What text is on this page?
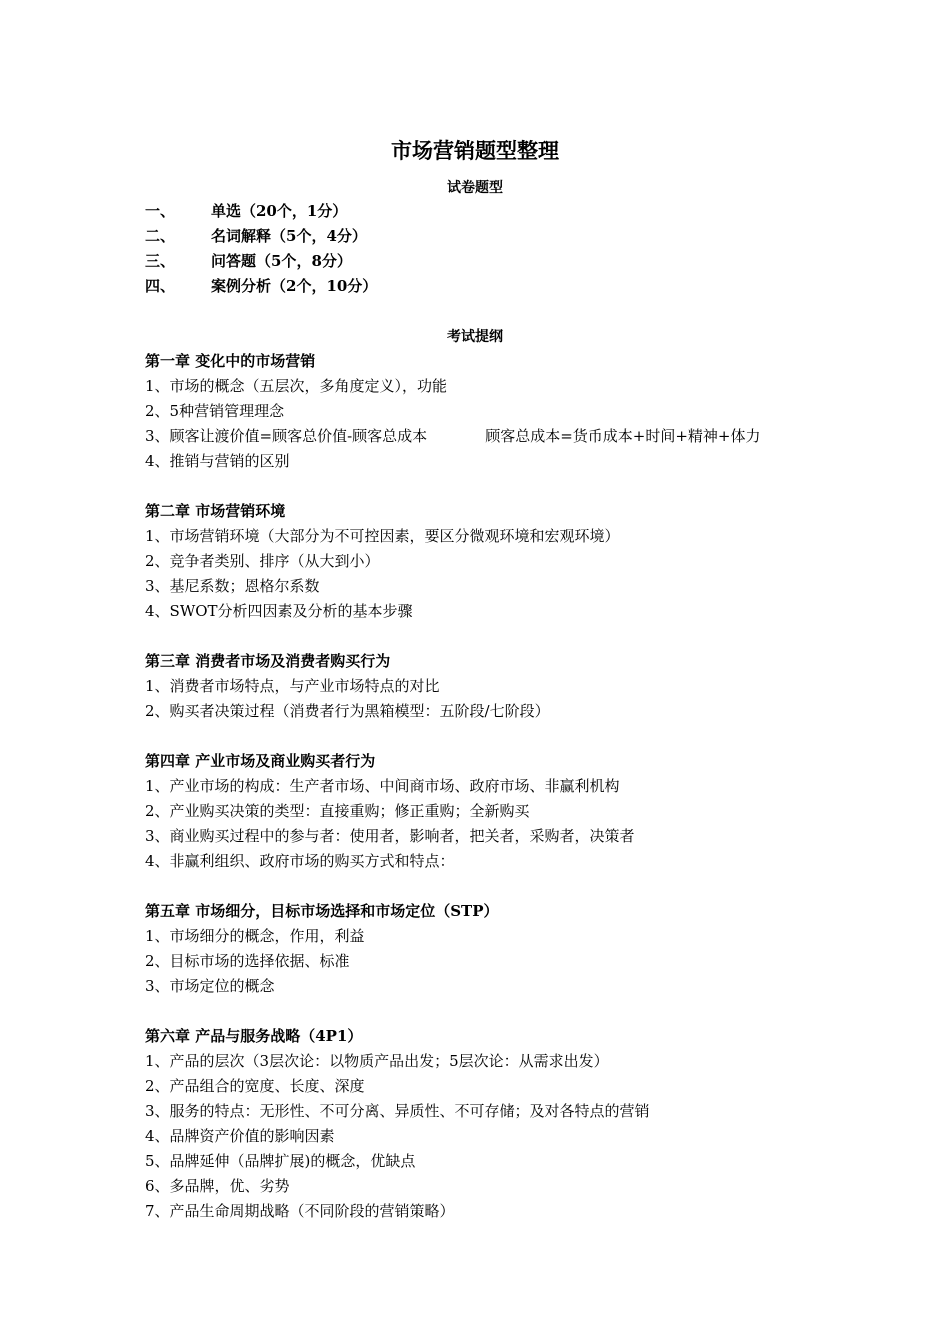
市场营销题型整理
试卷题型
一、 单选（20个，1分）
二、 名词解释（5个，4分）
三、 问答题（5个，8分）
四、 案例分析（2个，10分）
考试提纲
第一章 变化中的市场营销
1、市场的概念（五层次，多角度定义），功能
2、5种营销管理理念
3、顾客让渡价值=顾客总价值-顾客总成本	顾客总成本=货币成本+时间+精神+体力
4、推销与营销的区别
第二章 市场营销环境
1、市场营销环境（大部分为不可控因素，要区分微观环境和宏观环境）
2、竞争者类别、排序（从大到小）
3、基尼系数；恩格尔系数
4、SWOT分析四因素及分析的基本步骤
第三章 消费者市场及消费者购买行为
1、消费者市场特点，与产业市场特点的对比
2、购买者决策过程（消费者行为黑箱模型：五阶段/七阶段）
第四章 产业市场及商业购买者行为
1、产业市场的构成：生产者市场、中间商市场、政府市场、非赢利机构
2、产业购买决策的类型：直接重购；修正重购；全新购买
3、商业购买过程中的参与者：使用者，影响者，把关者，采购者，决策者
4、非赢利组织、政府市场的购买方式和特点：
第五章 市场细分，目标市场选择和市场定位（STP）
1、市场细分的概念，作用，利益
2、目标市场的选择依据、标准
3、市场定位的概念
第六章 产品与服务战略（4P1）
1、产品的层次（3层次论：以物质产品出发；5层次论：从需求出发）
2、产品组合的宽度、长度、深度
3、服务的特点：无形性、不可分离、异质性、不可存储；及对各特点的营销
4、品牌资产价值的影响因素
5、品牌延伸（品牌扩展)的概念，优缺点
6、多品牌，优、劣势
7、产品生命周期战略（不同阶段的营销策略）
